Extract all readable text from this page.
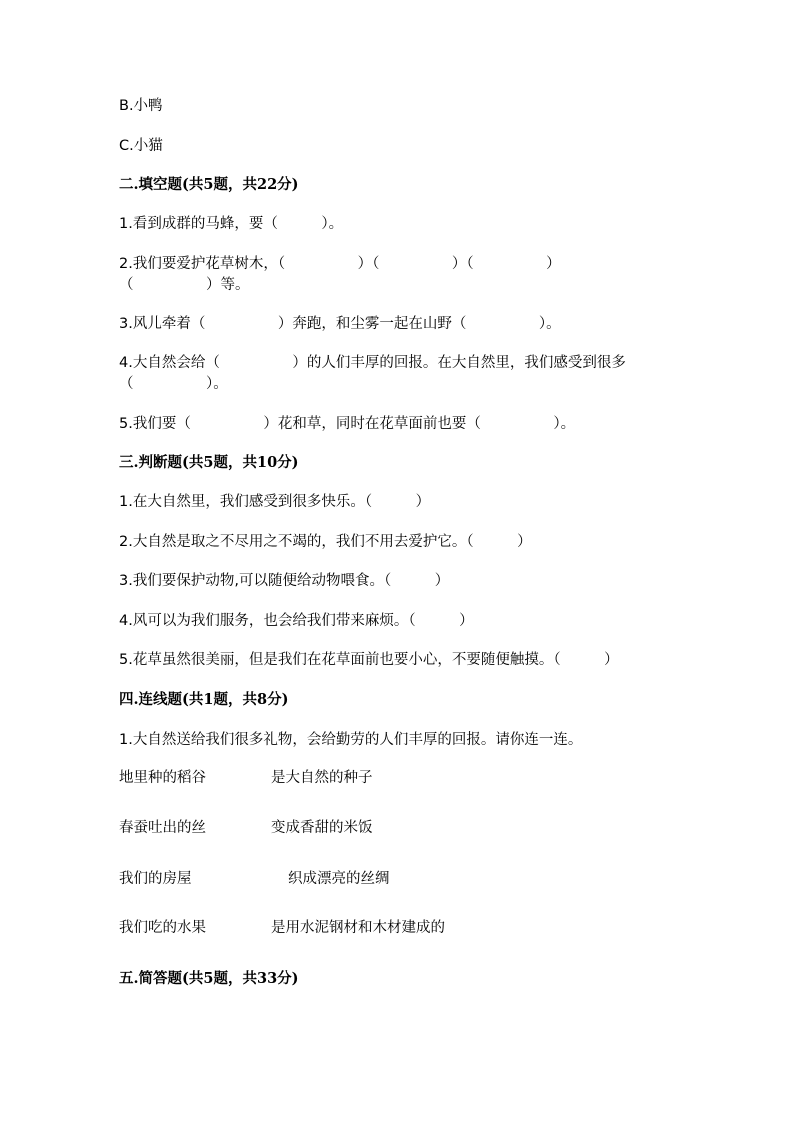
B.小鸭
C.小猫
二.填空题(共5题，共22分)
1.看到成群的马蜂，要（　　　）。
2.我们要爱护花草树木，（　　　　　）（　　　　　）（　　　　　）
（　　　　　）等。
3.风儿牵着（　　　　　）奔跑，和尘雾一起在山野（　　　　　）。
4.大自然会给（　　　　　）的人们丰厚的回报。在大自然里，我们感受到很多
（　　　　　）。
5.我们要（　　　　　）花和草，同时在花草面前也要（　　　　　）。
三.判断题(共5题，共10分)
1.在大自然里，我们感受到很多快乐。（　　　）
2.大自然是取之不尽用之不竭的，我们不用去爱护它。（　　　）
3.我们要保护动物,可以随便给动物喂食。（　　　）
4.风可以为我们服务，也会给我们带来麻烦。（　　　）
5.花草虽然很美丽，但是我们在花草面前也要小心，不要随便触摸。（　　　）
四.连线题(共1题，共8分)
1.大自然送给我们很多礼物，会给勤劳的人们丰厚的回报。请你连一连。
地里种的稻谷	是大自然的种子
春蚕吐出的丝	变成香甜的米饭
我们的房屋	织成漂亮的丝绸
我们吃的水果	是用水泥钢材和木材建成的
五.简答题(共5题，共33分)
